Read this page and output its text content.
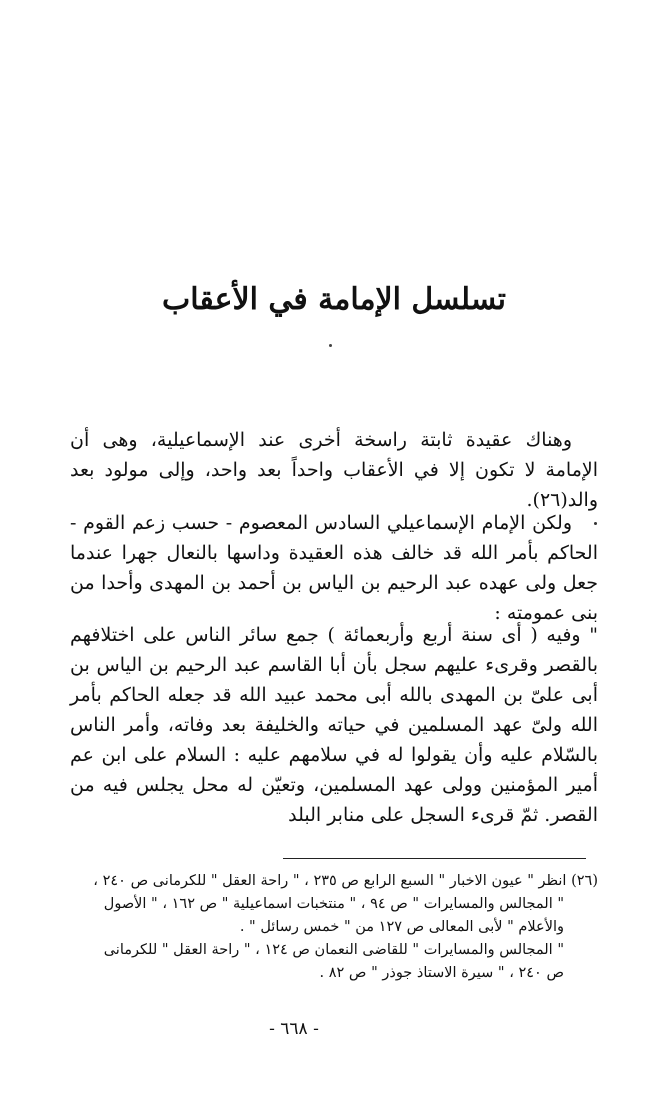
تسلسل الإمامة في الأعقاب

وهناك عقيدة ثابتة راسخة أخرى عند الإسماعيلية، وهى أن الإمامة لا تكون إلا في الأعقاب واحداً بعد واحد، وإلى مولود بعد والد(٢٦).

ولكن الإمام الإسماعيلي السادس المعصوم - حسب زعم القوم - الحاكم بأمر الله قد خالف هذه العقيدة وداسها بالنعال جهرا عندما جعل ولى عهده عبد الرحيم بن الياس بن أحمد بن المهدى وأحدا من بنى عمومته :

" وفيه ( أى سنة أربع وأربعمائة ) جمع سائر الناس على اختلافهم بالقصر وقرىء عليهم سجل بأن أبا القاسم عبد الرحيم بن الياس بن أبى علىّ بن المهدى بالله أبى محمد عبيد الله قد جعله الحاكم بأمر الله ولىّ عهد المسلمين في حياته والخليفة بعد وفاته، وأمر الناس بالسّلام عليه وأن يقولوا له في سلامهم عليه : السلام على ابن عم أمير المؤمنين وولى عهد المسلمين، وتعيّن له محل يجلس فيه من القصر. ثمّ قرىء السجل على منابر البلد

(٢٦) انظر " عيون الاخبار " السبع الرابع ص ٢٣٥ ، " راحة العقل " للكرمانى ص ٢٤٠ ،
" المجالس والمسايرات " ص ٩٤ ، " منتخبات اسماعيلية " ص ١٦٢ ، " الأصول
والأعلام " لأبى المعالى ص ١٢٧ من " خمس رسائل " .
" المجالس والمسايرات " للقاضى النعمان ص ١٢٤ ، " راحة العقل " للكرمانى
ص ٢٤٠ ، " سيرة الاستاذ جوذر " ص ٨٢ .
- ٦٦٨ -
